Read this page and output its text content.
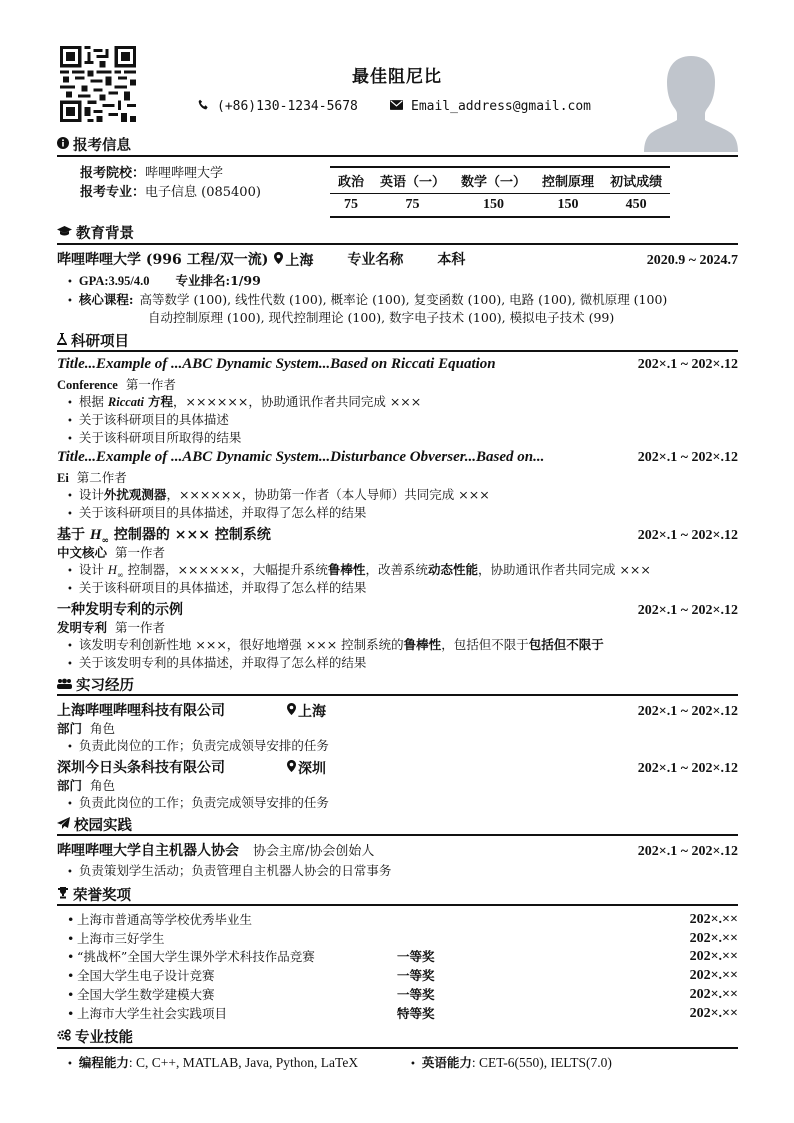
最佳阻尼比
(+86)130-1234-5678	Email_address@gmail.com
报考信息
报考院校：哔哩哔哩大学
报考专业：电子信息 (085400)
政治	英语（一）	数学（一）	控制原理	初试成绩
75	75	150	150	450
教育背景
哔哩哔哩大学 (996 工程/双一流) 上海 专业名称 本科	2020.9 ~ 2024.7
• GPA:3.95/4.0 专业排名:1/99
• 核心课程: 高等数学 (100), 线性代数 (100), 概率论 (100), 复变函数 (100), 电路 (100), 微机原理 (100)
自动控制原理 (100), 现代控制理论 (100), 数字电子技术 (100), 模拟电子技术 (99)
科研项目
Title...Example of ...ABC Dynamic System...Based on Riccati Equation	202×.1 ~ 202×.12
Conference 第一作者
• 根据 Riccati 方程，××××××，协助通讯作者共同完成 ×××
• 关于该科研项目的具体描述
• 关于该科研项目所取得的结果
Title...Example of ...ABC Dynamic System...Disturbance Obverser...Based on...	202×.1 ~ 202×.12
Ei 第二作者
• 设计外扰观测器，××××××，协助第一作者（本人导师）共同完成 ×××
• 关于该科研项目的具体描述，并取得了怎么样的结果
基于 $H_\infty$ 控制器的 ××× 控制系统	202×.1 ~ 202×.12
中文核心 第一作者
• 设计 $H_\infty$ 控制器，××××××，大幅提升系统鲁棒性，改善系统动态性能，协助通讯作者共同完成 ×××
• 关于该科研项目的具体描述，并取得了怎么样的结果
一种发明专利的示例	202×.1 ~ 202×.12
发明专利 第一作者
• 该发明专利创新性地 ×××，很好地增强 ××× 控制系统的鲁棒性，包括但不限于包括但不限于
• 关于该发明专利的具体描述，并取得了怎么样的结果
实习经历
上海哔哩哔哩科技有限公司	上海	202×.1 ~ 202×.12
部门 角色
• 负责此岗位的工作；负责完成领导安排的任务
深圳今日头条科技有限公司	深圳	202×.1 ~ 202×.12
部门 角色
• 负责此岗位的工作；负责完成领导安排的任务
校园实践
哔哩哔哩大学自主机器人协会 协会主席/协会创始人	202×.1 ~ 202×.12
• 负责策划学生活动；负责管理自主机器人协会的日常事务
荣誉奖项
• 上海市普通高等学校优秀毕业生	202×.××
• 上海市三好学生	202×.××
• “挑战杯”全国大学生课外学术科技作品竞赛	一等奖	202×.××
• 全国大学生电子设计竞赛	一等奖	202×.××
• 全国大学生数学建模大赛	一等奖	202×.××
• 上海市大学生社会实践项目	特等奖	202×.××
专业技能
• 编程能力: C, C++, MATLAB, Java, Python, LaTeX	• 英语能力: CET-6(550), IELTS(7.0)
